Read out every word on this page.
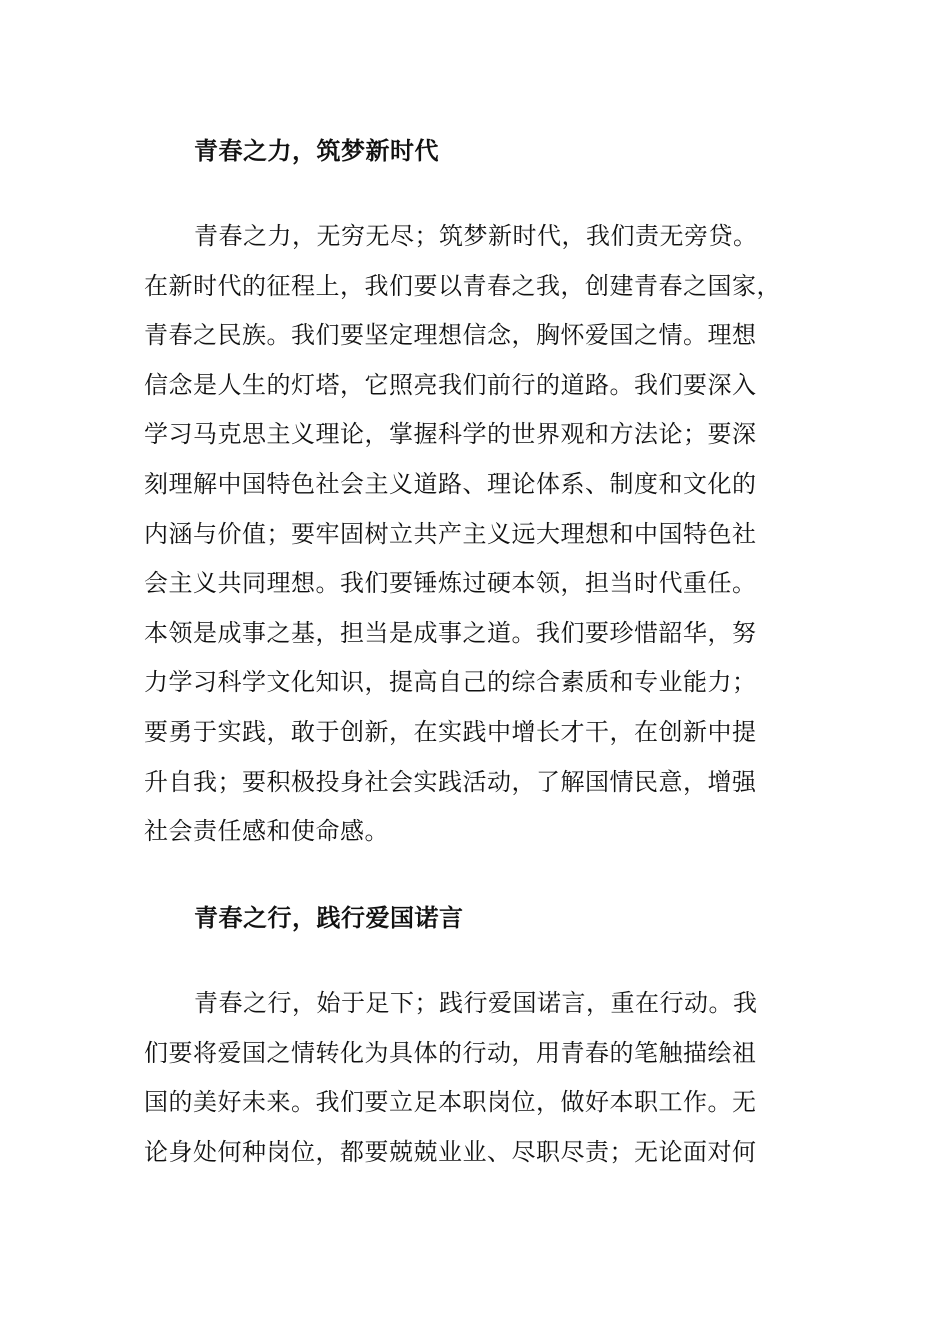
青春之力，筑梦新时代
青春之力，无穷无尽；筑梦新时代，我们责无旁贷。
在新时代的征程上，我们要以青春之我，创建青春之国家，
青春之民族。我们要坚定理想信念，胸怀爱国之情。理想
信念是人生的灯塔，它照亮我们前行的道路。我们要深入
学习马克思主义理论，掌握科学的世界观和方法论；要深
刻理解中国特色社会主义道路、理论体系、制度和文化的
内涵与价值；要牢固树立共产主义远大理想和中国特色社
会主义共同理想。我们要锤炼过硬本领，担当时代重任。
本领是成事之基，担当是成事之道。我们要珍惜韶华，努
力学习科学文化知识，提高自己的综合素质和专业能力；
要勇于实践，敢于创新，在实践中增长才干，在创新中提
升自我；要积极投身社会实践活动，了解国情民意，增强
社会责任感和使命感。
青春之行，践行爱国诺言
青春之行，始于足下；践行爱国诺言，重在行动。我
们要将爱国之情转化为具体的行动，用青春的笔触描绘祖
国的美好未来。我们要立足本职岗位，做好本职工作。无
论身处何种岗位，都要兢兢业业、尽职尽责；无论面对何
